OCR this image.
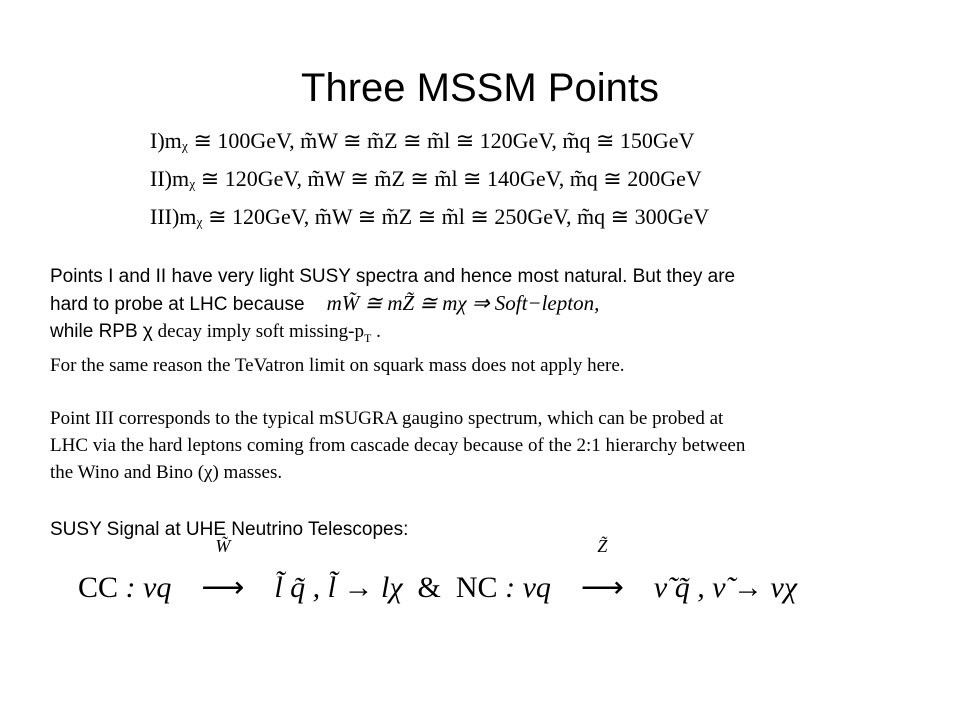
Three MSSM Points
I)mᵪ ≅ 100GeV, m̃W ≅ m̃Z ≅ m̃l ≅ 120GeV, m̃q ≅ 150GeV
II)mᵪ ≅ 120GeV, m̃W ≅ m̃Z ≅ m̃l ≅ 140GeV, m̃q ≅ 200GeV
III)mᵪ ≅ 120GeV, m̃W ≅ m̃Z ≅ m̃l ≅ 250GeV, m̃q ≅ 300GeV
Points I and II have very light SUSY spectra and hence most natural. But they are
hard to probe at LHC because mW̃ ≅ mZ̃ ≅ mχ ⇒ Soft−lepton,
while RPB χ decay imply soft missing-$p_T$ .
For the same reason the TeVatron limit on squark mass does not apply here.
Point III corresponds to the typical mSUGRA gaugino spectrum, which can be probed at
LHC via the hard leptons coming from cascade decay because of the 2:1 hierarchy between
the Wino and Bino (χ) masses.
SUSY Signal at UHE Neutrino Telescopes:
CC : νq
W̃
⟶ l̃ q̃ , l̃ → lχ & NC : νq
Z̃
⟶ ν̃ q̃ , ν̃ → νχ
